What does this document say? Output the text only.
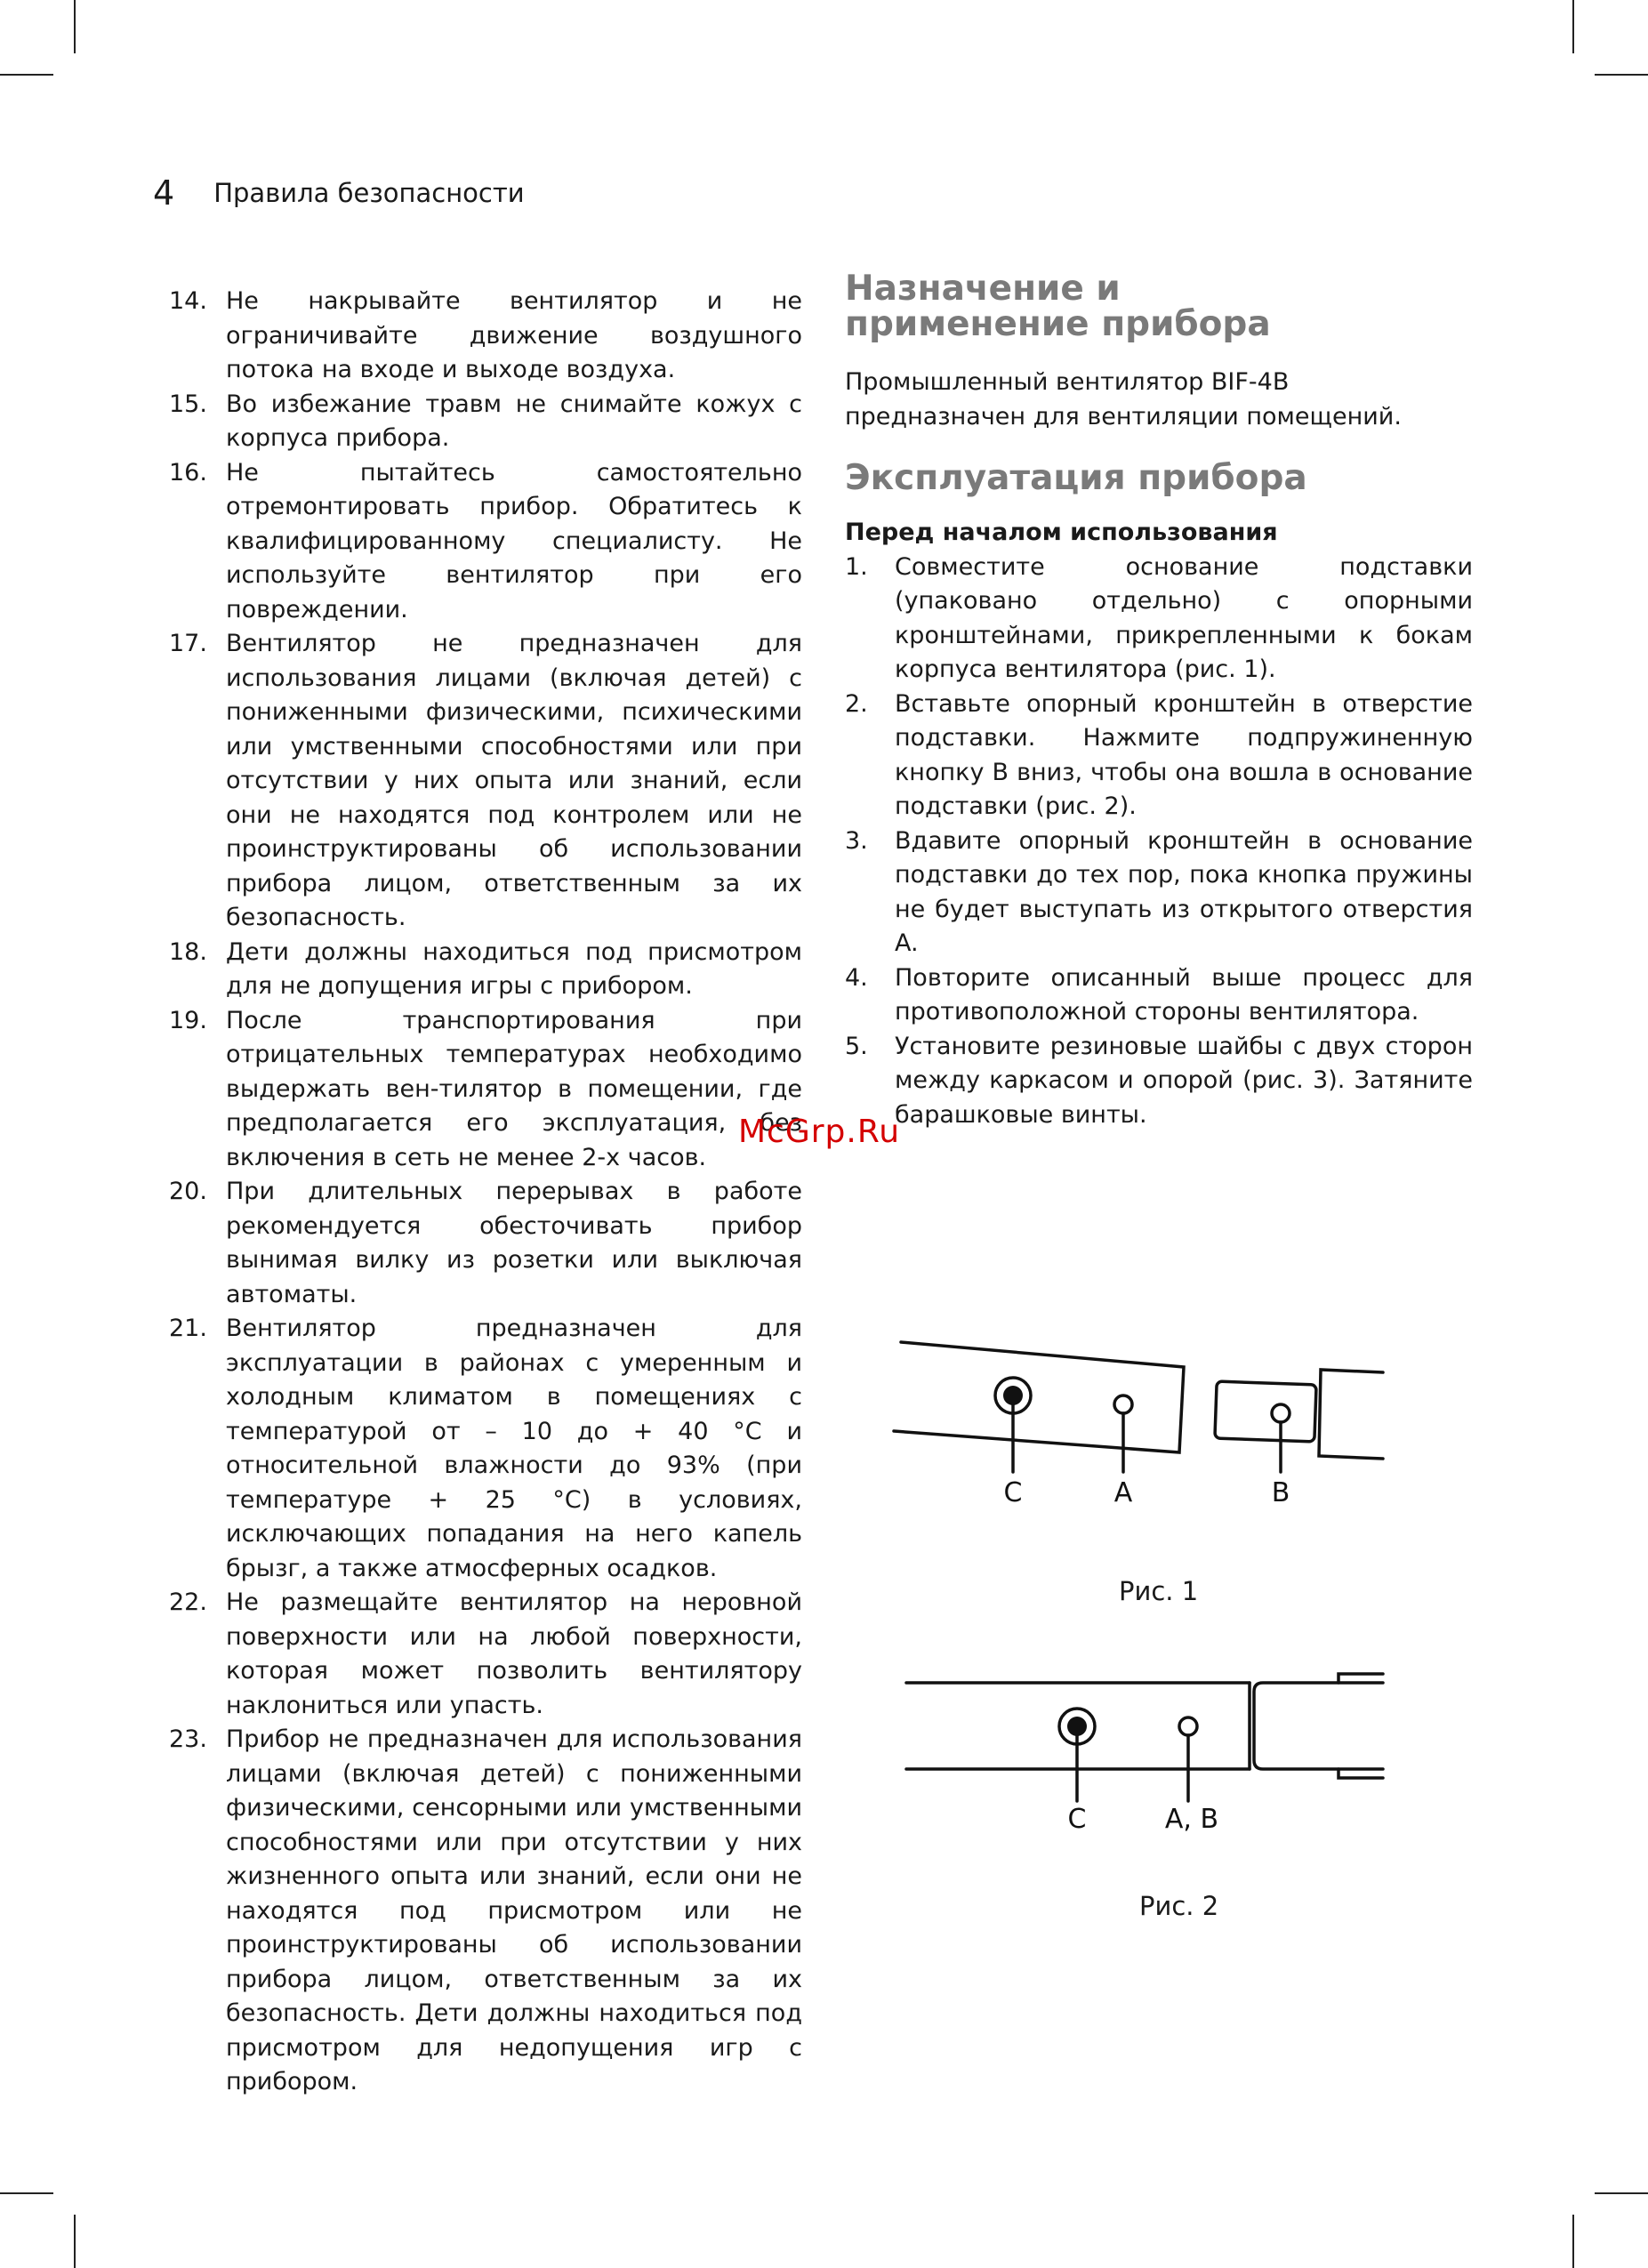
4 Правила безопасности
14. Не накрывайте вентилятор и не ограничивайте движение воздушного потока на входе и выходе воздуха.
15. Во избежание травм не снимайте кожух с корпуса прибора.
16. Не пытайтесь самостоятельно отремонтировать прибор. Обратитесь к квалифицированному специалисту. Не используйте вентилятор при его повреждении.
17. Вентилятор не предназначен для использования лицами (включая детей) с пониженными физическими, психическими или умственными способностями или при отсутствии у них опыта или знаний, если они не находятся под контролем или не проинструктированы об использовании прибора лицом, ответственным за их безопасность.
18. Дети должны находиться под присмотром для не допущения игры с прибором.
19. После транспортирования при отрицательных температурах необходимо выдержать вен-тилятор в помещении, где предполагается его эксплуатация, без включения в сеть не менее 2-х часов.
20. При длительных перерывах в работе рекомендуется обесточивать прибор вынимая вилку из розетки или выключая автоматы.
21. Вентилятор предназначен для эксплуатации в районах с умеренным и холодным климатом в помещениях с температурой от – 10 до + 40 °С и относительной влажности до 93% (при температуре + 25 °С) в условиях, исключающих попадания на него капель брызг, а также атмосферных осадков.
22. Не размещайте вентилятор на неровной поверхности или на любой поверхности, которая может позволить вентилятору наклониться или упасть.
23. Прибор не предназначен для использования лицами (включая детей) с пониженными физическими, сенсорными или умственными способностями или при отсутствии у них жизненного опыта или знаний, если они не находятся под присмотром или не проинструктированы об использовании прибора лицом, ответственным за их безопасность. Дети должны находиться под присмотром для недопущения игр с прибором.
Назначение и применение прибора

Промышленный вентилятор BIF-4B предназначен для вентиляции помещений.

Эксплуатация прибора

Перед началом использования

1.	Совместите основание подставки (упаковано отдельно) с опорными кронштейнами, прикрепленными к бокам корпуса вентилятора (рис. 1).
2.	Вставьте опорный кронштейн в отверстие подставки. Нажмите подпружиненную кнопку B вниз, чтобы она вошла в основание подставки (рис. 2).
3.	Вдавите опорный кронштейн в основание подставки до тех пор, пока кнопка пружины не будет выступать из открытого отверстия A.
4.	Повторите описанный выше процесс для противоположной стороны вентилятора.
5.	Установите резиновые шайбы с двух сторон между каркасом и опорой (рис. 3). Затяните барашковые винты.
McGrp.Ru
C	A	B
Рис. 1
C	A, B
Рис. 2
